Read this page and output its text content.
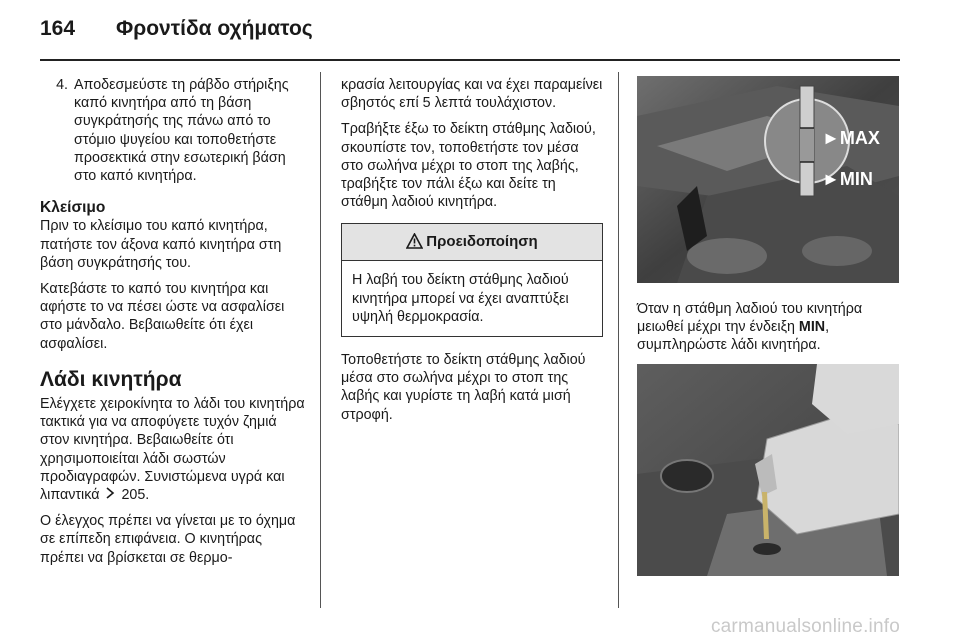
164 Φροντίδα οχήματος
4. Αποδεσμεύστε τη ράβδο στήριξης καπό κινητήρα από τη βάση συγκράτησής της πάνω από το στόμιο ψυγείου και τοποθετήστε προσεκτικά στην εσωτερική βάση στο καπό κινητήρα.
Κλείσιμο

Πριν το κλείσιμο του καπό κινητήρα, πατήστε τον άξονα καπό κινητήρα στη βάση συγκράτησής του.

Κατεβάστε το καπό του κινητήρα και αφήστε το να πέσει ώστε να ασφαλίσει στο μάνδαλο. Βεβαιωθείτε ότι έχει ασφαλίσει.

Λάδι κινητήρα

Ελέγχετε χειροκίνητα το λάδι του κινητήρα τακτικά για να αποφύγετε τυχόν ζημιά στον κινητήρα. Βεβαιωθείτε ότι χρησιμοποιείται λάδι σωστών προδιαγραφών. Συνιστώμενα υγρά και λιπαντικά 205.

Ο έλεγχος πρέπει να γίνεται με το όχημα σε επίπεδη επιφάνεια. Ο κινητήρας πρέπει να βρίσκεται σε θερμο-

κρασία λειτουργίας και να έχει παραμείνει σβηστός επί 5 λεπτά τουλάχιστον.

Τραβήξτε έξω το δείκτη στάθμης λαδιού, σκουπίστε τον, τοποθετήστε τον μέσα στο σωλήνα μέχρι το στοπ της λαβής, τραβήξτε τον πάλι έξω και δείτε τη στάθμη λαδιού κινητήρα.

Προειδοποίηση
Η λαβή του δείκτη στάθμης λαδιού κινητήρα μπορεί να έχει αναπτύξει υψηλή θερμοκρασία.

Τοποθετήστε το δείκτη στάθμης λαδιού μέσα στο σωλήνα μέχρι το στοπ της λαβής και γυρίστε τη λαβή κατά μισή στροφή.

►MAX
►MIN

Όταν η στάθμη λαδιού του κινητήρα μειωθεί μέχρι την ένδειξη MIN, συμπληρώστε λάδι κινητήρα.

carmanualsonline.info
